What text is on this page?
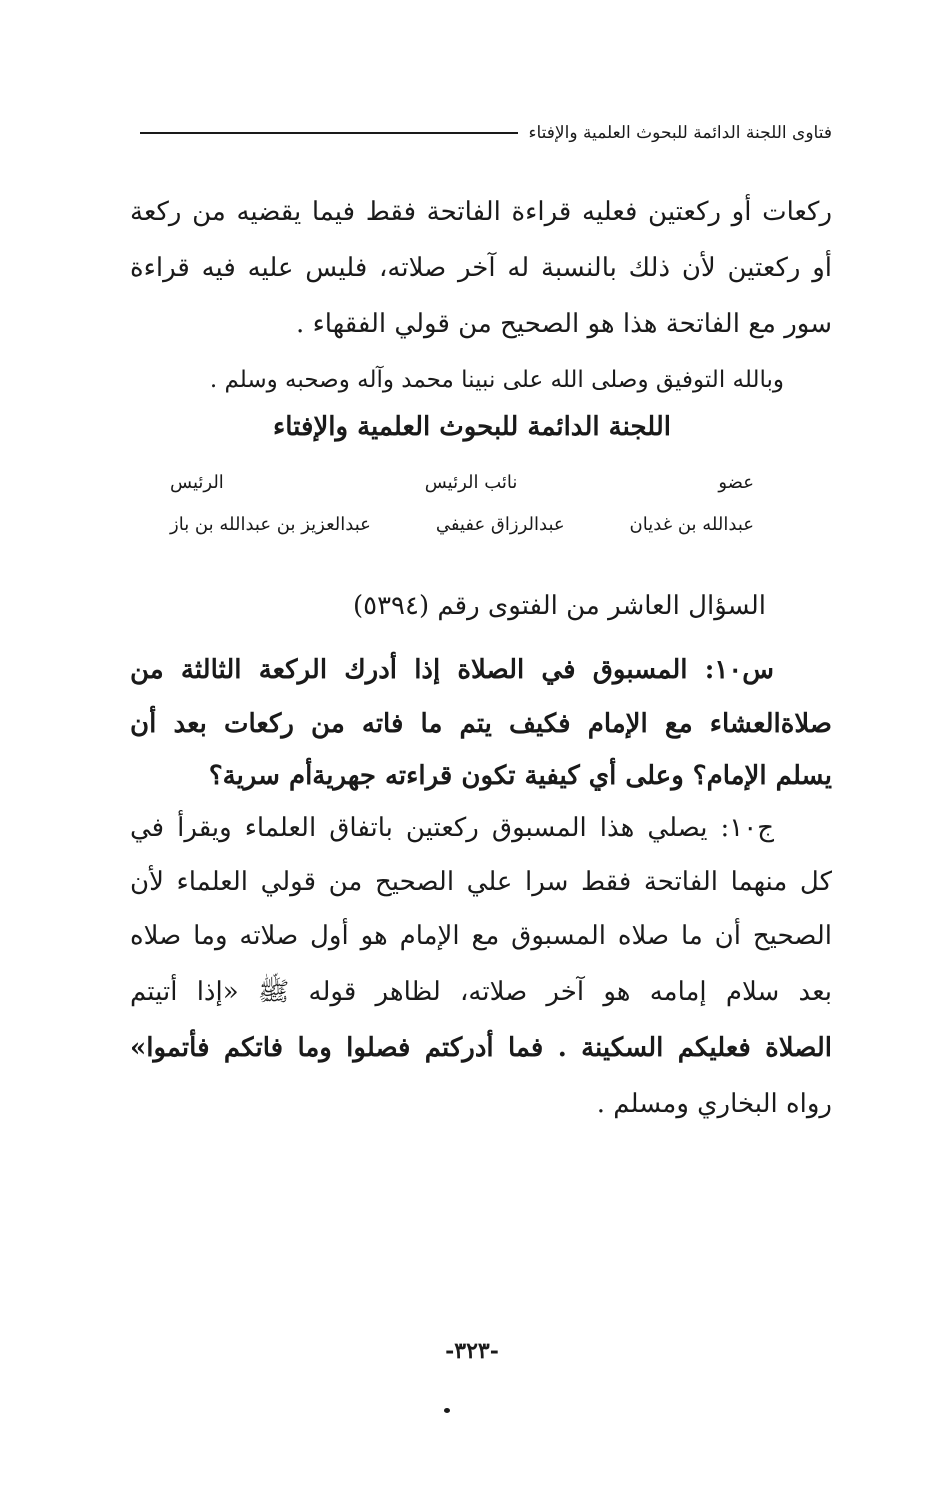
فتاوى اللجنة الدائمة للبحوث العلمية والإفتاء
ركعات أو ركعتين فعليه قراءة الفاتحة فقط فيما يقضيه من ركعة
أو ركعتين لأن ذلك بالنسبة له آخر صلاته، فليس عليه فيه قراءة
سور مع الفاتحة هذا هو الصحيح من قولي الفقهاء .
وبالله التوفيق وصلى الله على نبينا محمد وآله وصحبه وسلم .
اللجنة الدائمة للبحوث العلمية والإفتاء
عضو
نائب الرئيس
الرئيس
عبدالله بن غديان
عبدالرزاق عفيفي
عبدالعزيز بن عبدالله بن باز
السؤال العاشر من الفتوى رقم (٥٣٩٤)
س١٠: المسبوق في الصلاة إذا أدرك الركعة الثالثة من
صلاةالعشاء مع الإمام فكيف يتم ما فاته من ركعات بعد أن
يسلم الإمام؟ وعلى أي كيفية تكون قراءته جهريةأم سرية؟
ج١٠: يصلي هذا المسبوق ركعتين باتفاق العلماء ويقرأ في
كل منهما الفاتحة فقط سرا علي الصحيح من قولي العلماء لأن
الصحيح أن ما صلاه المسبوق مع الإمام هو أول صلاته وما صلاه
بعد سلام إمامه هو آخر صلاته، لظاهر قوله ﷺ «إذا أتيتم
الصلاة فعليكم السكينة . فما أدركتم فصلوا وما فاتكم فأتموا»
رواه البخاري ومسلم .
-٣٢٣-
